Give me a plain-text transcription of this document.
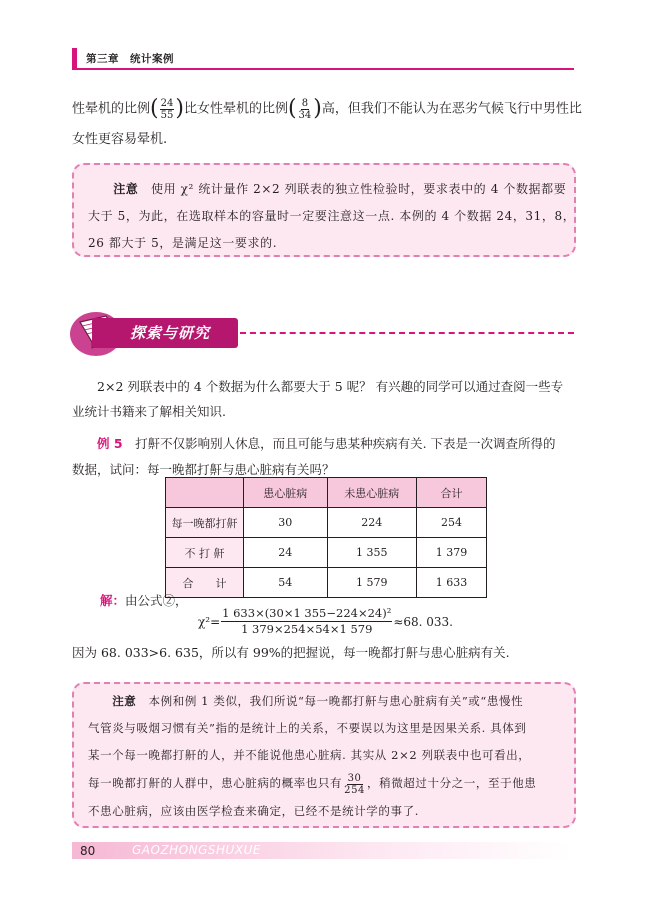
第三章　统计案例
性晕机的比例( $\frac{24}{55}$ )比女性晕机的比例( $\frac{8}{34}$ )高，但我们不能认为在恶劣气候飞行中男性比
女性更容易晕机.
　　注意　 使用 χ² 统计量作 2×2 列联表的独立性检验时，要求表中的 4 个数据都要
大于 5，为此，在选取样本的容量时一定要注意这一点. 本例的 4 个数据 24，31，8，
26 都大于 5，是满足这一要求的.
探索与研究
　　2×2 列联表中的 4 个数据为什么都要大于 5 呢？ 有兴趣的同学可以通过查阅一些专
业统计书籍来了解相关知识.
　　例 5　 打鼾不仅影响别人休息，而且可能与患某种疾病有关. 下表是一次调查所得的
数据，试问：每一晚都打鼾与患心脏病有关吗？
	患心脏病	未患心脏病	合计
每一晚都打鼾	30	224	254
不 打 鼾	24	1 355	1 379
合　　计	54	1 579	1 633
解：由公式②，
$\chi^2= \frac{\text{1 633×(30×1 355−224×24)²}}{1 379\times 254\times 54\times 1 579} \approx 68$. 033.
因为 68. 033>6. 635，所以有 99%的把握说，每一晚都打鼾与患心脏病有关.
　　注意　 本例和例 1 类似，我们所说“每一晚都打鼾与患心脏病有关”或“患慢性
气管炎与吸烟习惯有关”指的是统计上的关系，不要误以为这里是因果关系. 具体到
某一个每一晚都打鼾的人，并不能说他患心脏病. 其实从 2×2 列联表中也可看出，
每一晚都打鼾的人群中，患心脏病的概率也只有 $\frac{30}{254}$ ，稍微超过十分之一，至于他患
不患心脏病，应该由医学检查来确定，已经不是统计学的事了.
80	GAOZHONGSHUXUE
